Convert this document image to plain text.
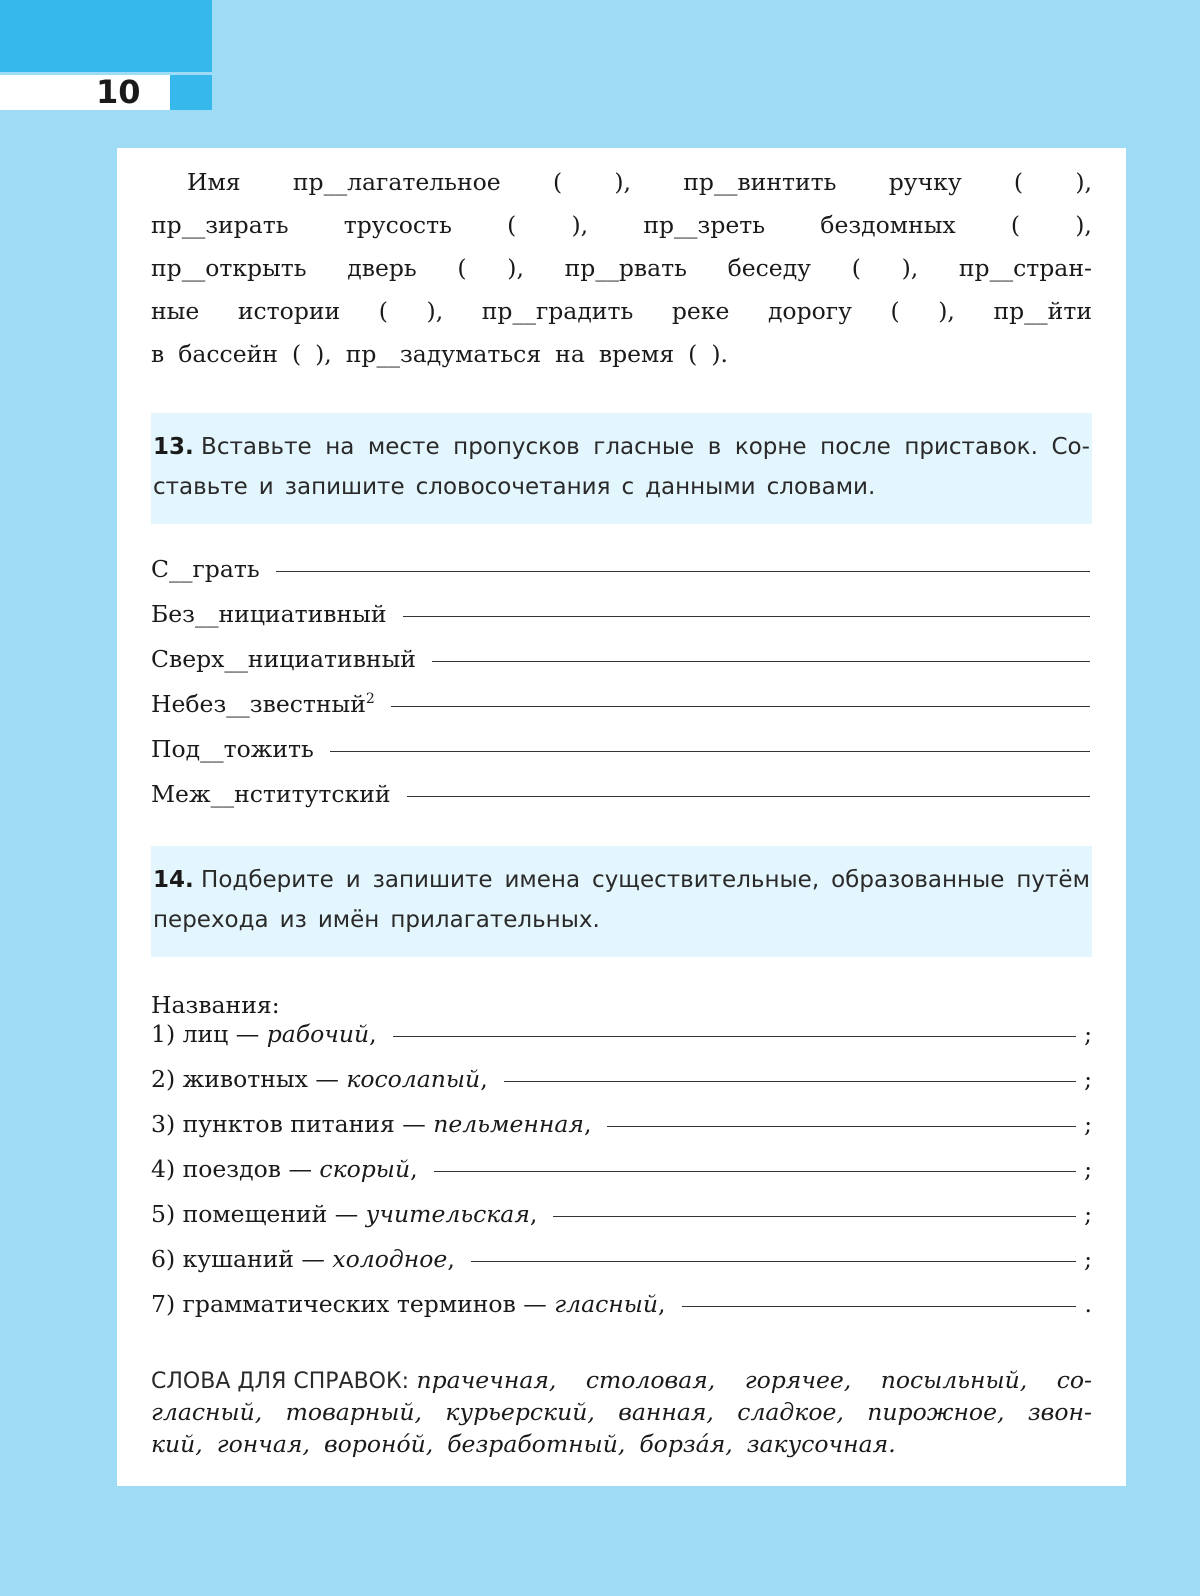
10
Имя пр__лагательное ( ), пр__винтить ручку ( ),
пр__зирать трусость ( ), пр__зреть бездомных ( ),
пр__открыть дверь ( ), пр__рвать беседу ( ), пр__стран-
ные истории ( ), пр__градить реке дорогу ( ), пр__йти
в бассейн ( ), пр__задуматься на время ( ).
13. Вставьте на месте пропусков гласные в корне после приставок. Со-
ставьте и запишите словосочетания с данными словами.
С__грать
Без__нициативный
Сверх__нициативный
Небез__звестный$^2$
Под__тожить
Меж__нститутский
14. Подберите и запишите имена существительные, образованные путём
перехода из имён прилагательных.
Названия:
1) лиц — рабочий,	;
2) животных — косолапый,	;
3) пунктов питания — пельменная,	;
4) поездов — скорый,	;
5) помещений — учительская,	;
6) кушаний — холодное,	;
7) грамматических терминов — гласный,	.
СЛОВА ДЛЯ СПРАВОК: прачечная, столовая, горячее, посыльный, со-
гласный, товарный, курьерский, ванная, сладкое, пирожное, звон-
кий, гончая, воронóй, безработный, борзáя, закусочная.
